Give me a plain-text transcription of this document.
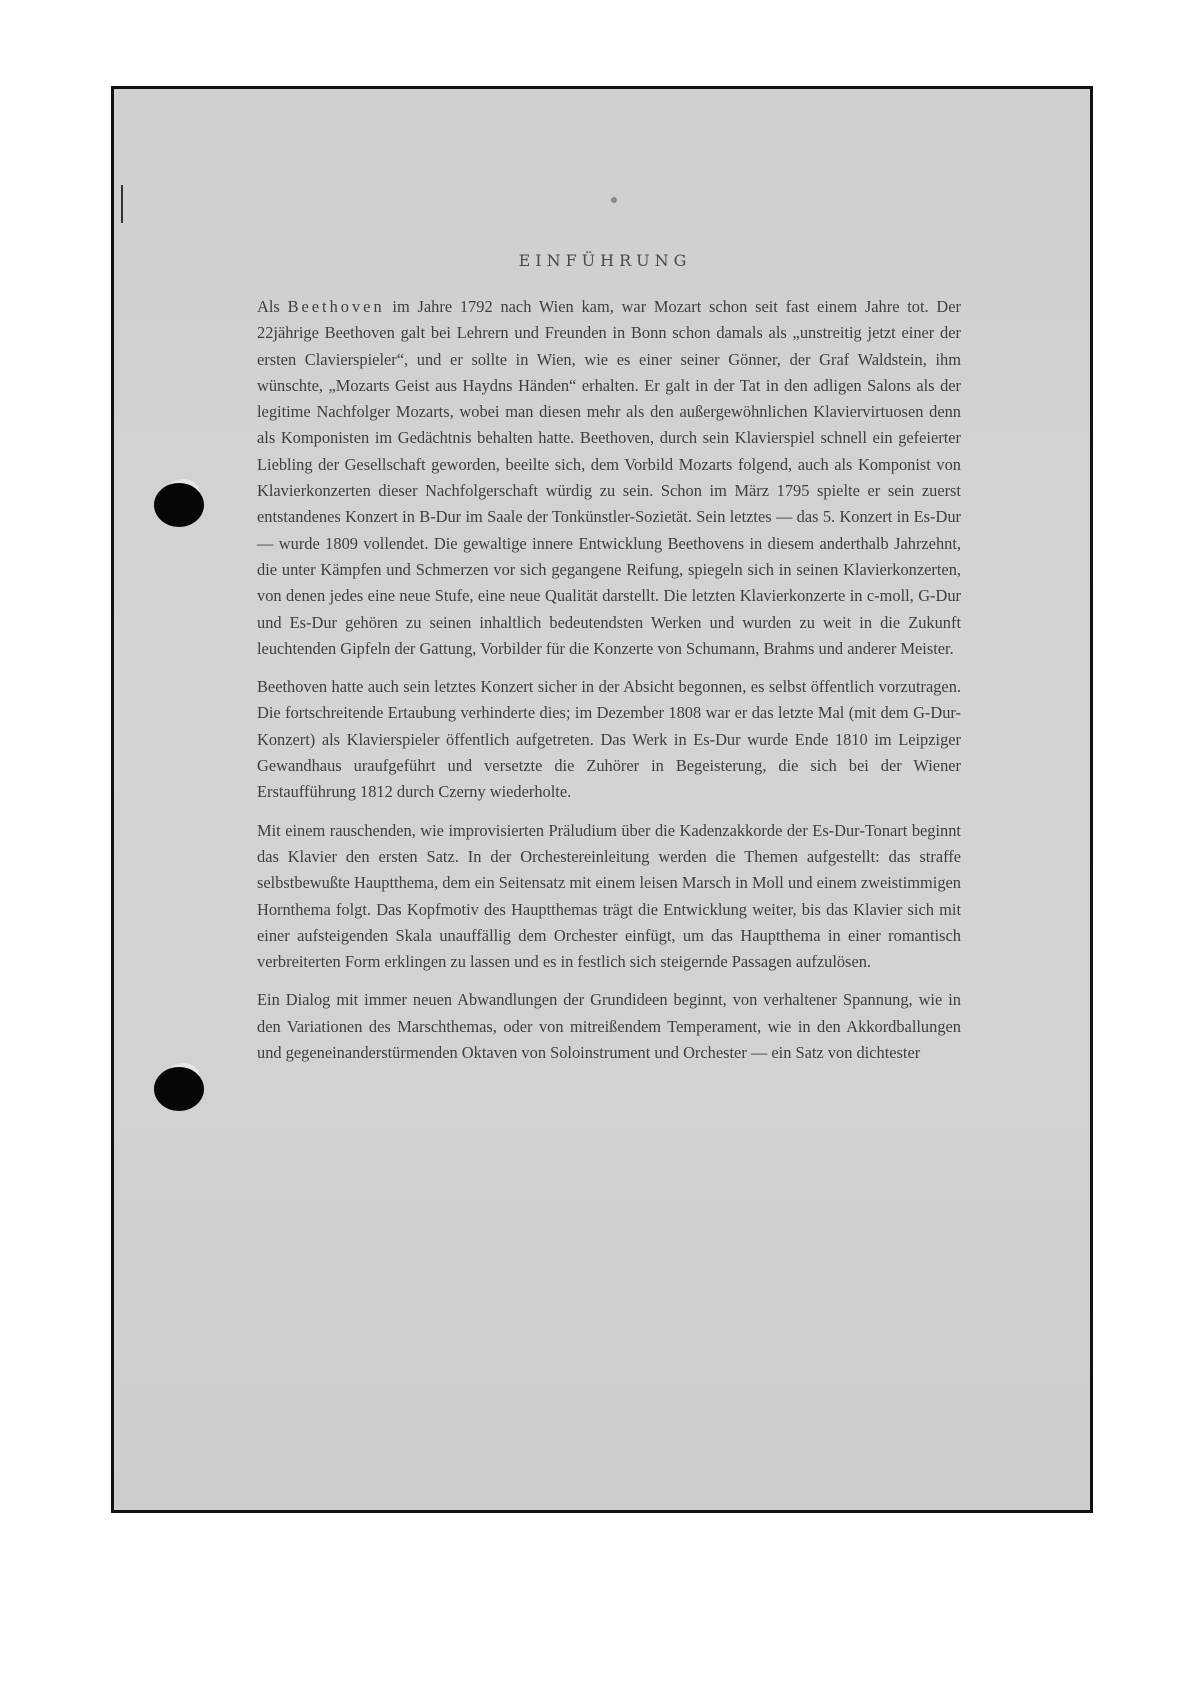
EINFÜHRUNG

Als Beethoven im Jahre 1792 nach Wien kam, war Mozart schon seit fast einem Jahre tot. Der 22jährige Beethoven galt bei Lehrern und Freunden in Bonn schon damals als „unstreitig jetzt einer der ersten Clavierspieler“, und er sollte in Wien, wie es einer seiner Gönner, der Graf Waldstein, ihm wünschte, „Mozarts Geist aus Haydns Händen“ erhalten. Er galt in der Tat in den adligen Salons als der legitime Nachfolger Mozarts, wobei man diesen mehr als den außergewöhnlichen Klaviervirtuosen denn als Komponisten im Gedächtnis behalten hatte. Beethoven, durch sein Klavierspiel schnell ein gefeierter Liebling der Gesellschaft geworden, beeilte sich, dem Vorbild Mozarts folgend, auch als Komponist von Klavierkonzerten dieser Nachfolgerschaft würdig zu sein. Schon im März 1795 spielte er sein zuerst entstandenes Konzert in B-Dur im Saale der Tonkünstler-Sozietät. Sein letztes — das 5. Konzert in Es-Dur — wurde 1809 vollendet. Die gewaltige innere Entwicklung Beethovens in diesem anderthalb Jahrzehnt, die unter Kämpfen und Schmerzen vor sich gegangene Reifung, spiegeln sich in seinen Klavierkonzerten, von denen jedes eine neue Stufe, eine neue Qualität darstellt. Die letzten Klavierkonzerte in c-moll, G-Dur und Es-Dur gehören zu seinen inhaltlich bedeutendsten Werken und wurden zu weit in die Zukunft leuchtenden Gipfeln der Gattung, Vorbilder für die Konzerte von Schumann, Brahms und anderer Meister.

Beethoven hatte auch sein letztes Konzert sicher in der Absicht begonnen, es selbst öffentlich vorzutragen. Die fortschreitende Ertaubung verhinderte dies; im Dezember 1808 war er das letzte Mal (mit dem G-Dur-Konzert) als Klavierspieler öffentlich aufgetreten. Das Werk in Es-Dur wurde Ende 1810 im Leipziger Gewandhaus uraufgeführt und versetzte die Zuhörer in Begeisterung, die sich bei der Wiener Erstaufführung 1812 durch Czerny wiederholte.

Mit einem rauschenden, wie improvisierten Präludium über die Kadenzakkorde der Es-Dur-Tonart beginnt das Klavier den ersten Satz. In der Orchestereinleitung werden die Themen aufgestellt: das straffe selbstbewußte Hauptthema, dem ein Seitensatz mit einem leisen Marsch in Moll und einem zweistimmigen Hornthema folgt. Das Kopfmotiv des Hauptthemas trägt die Entwicklung weiter, bis das Klavier sich mit einer aufsteigenden Skala unauffällig dem Orchester einfügt, um das Hauptthema in einer romantisch verbreiterten Form erklingen zu lassen und es in festlich sich steigernde Passagen aufzulösen.

Ein Dialog mit immer neuen Abwandlungen der Grundideen beginnt, von verhaltener Spannung, wie in den Variationen des Marschthemas, oder von mitreißendem Temperament, wie in den Akkordballungen und gegeneinanderstürmenden Oktaven von Soloinstrument und Orchester — ein Satz von dichtester
